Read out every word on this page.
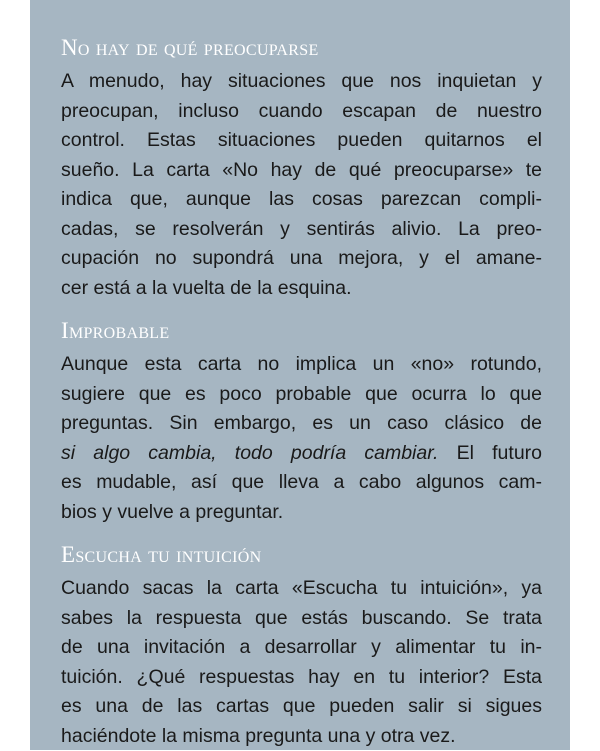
No hay de qué preocuparse

A menudo, hay situaciones que nos inquietan y
preocupan, incluso cuando escapan de nuestro
control. Estas situaciones pueden quitarnos el
sueño. La carta «No hay de qué preocuparse» te
indica que, aunque las cosas parezcan compli-
cadas, se resolverán y sentirás alivio. La preo-
cupación no supondrá una mejora, y el amane-
cer está a la vuelta de la esquina.

Improbable

Aunque esta carta no implica un «no» rotundo,
sugiere que es poco probable que ocurra lo que
preguntas. Sin embargo, es un caso clásico de
si algo cambia, todo podría cambiar. El futuro
es mudable, así que lleva a cabo algunos cam-
bios y vuelve a preguntar.

Escucha tu intuición

Cuando sacas la carta «Escucha tu intuición», ya
sabes la respuesta que estás buscando. Se trata
de una invitación a desarrollar y alimentar tu in-
tuición. ¿Qué respuestas hay en tu interior? Esta
es una de las cartas que pueden salir si sigues
haciéndote la misma pregunta una y otra vez.
